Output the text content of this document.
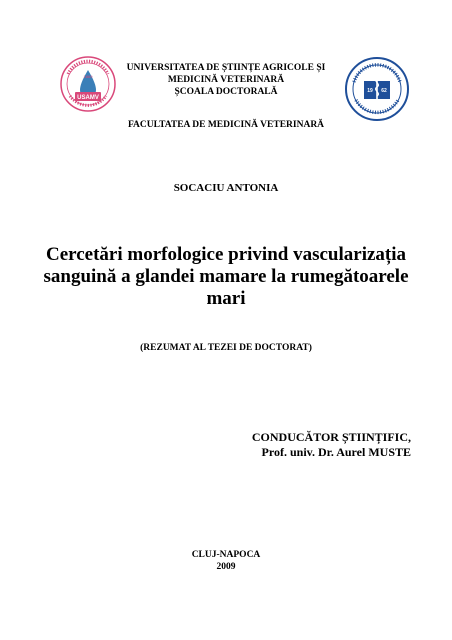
USAMV
1869
19 62
UNIVERSITATEA DE ȘTIINȚE AGRICOLE ȘI
MEDICINĂ VETERINARĂ
ȘCOALA DOCTORALĂ
FACULTATEA DE MEDICINĂ VETERINARĂ
SOCACIU ANTONIA
Cercetări morfologice privind vascularizația
sanguină a glandei mamare la rumegătoarele
mari
(REZUMAT AL TEZEI DE DOCTORAT)
CONDUCĂTOR ȘTIINȚIFIC,
Prof. univ. Dr. Aurel MUSTE
CLUJ-NAPOCA
2009
